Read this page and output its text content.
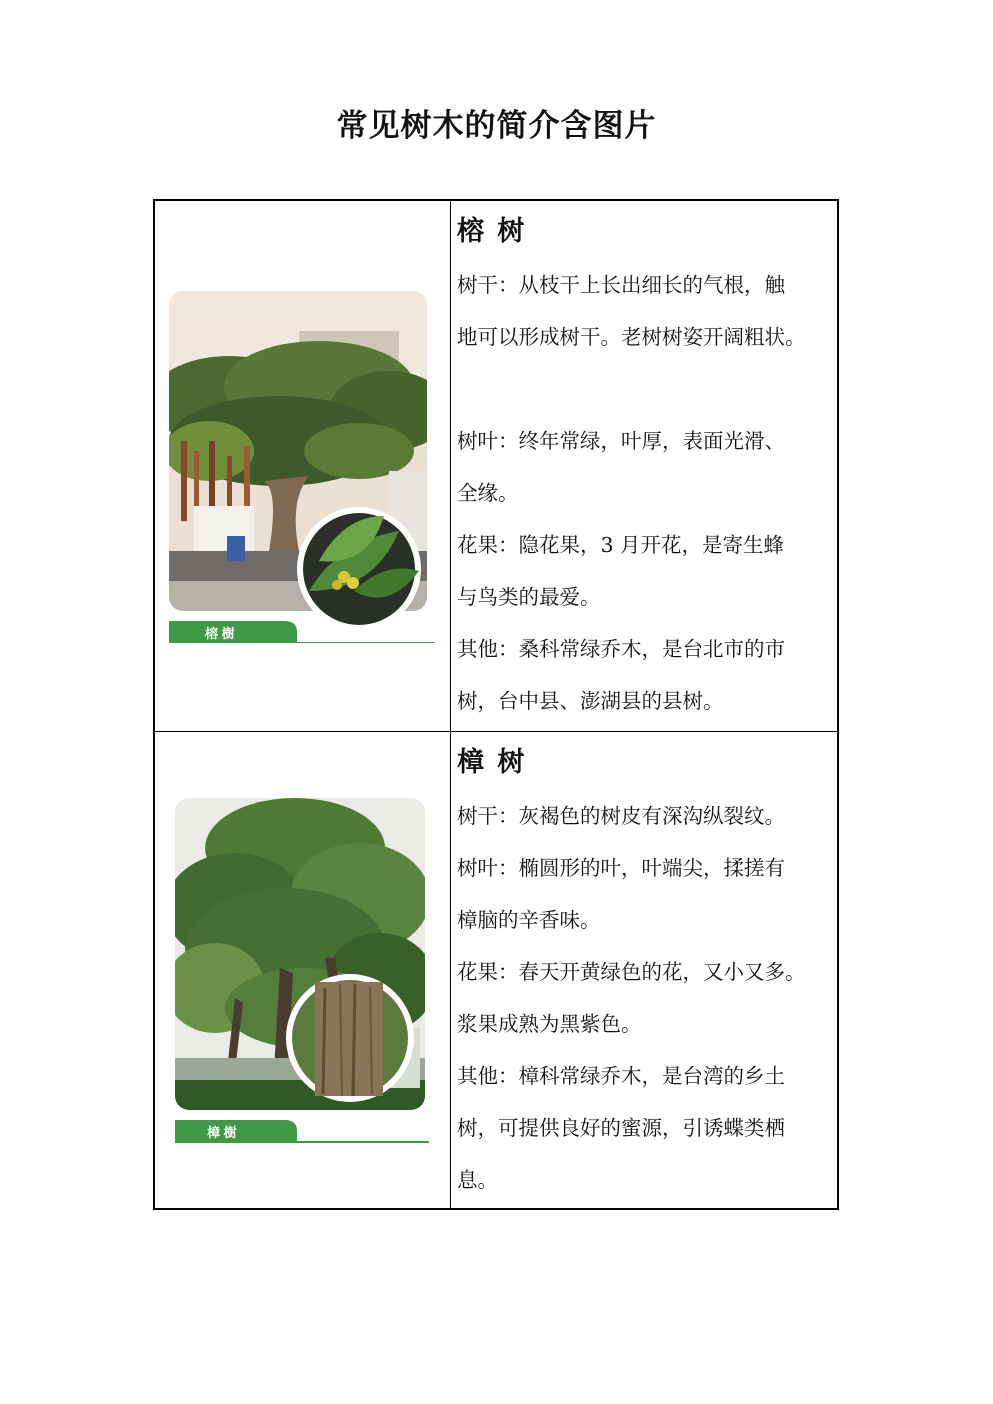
常见树木的简介含图片
榕 樹
榕 树

树干：从枝干上长出细长的气根，触

地可以形成树干。老树树姿开阔粗状。

树叶：终年常绿，叶厚，表面光滑、

全缘。

花果：隐花果，3 月开花，是寄生蜂

与鸟类的最爱。

其他：桑科常绿乔木，是台北市的市

树，台中县、澎湖县的县树。

樟 樹
樟 树

树干：灰褐色的树皮有深沟纵裂纹。

树叶：椭圆形的叶，叶端尖，揉搓有

樟脑的辛香味。

花果：春天开黄绿色的花，又小又多。

浆果成熟为黑紫色。

其他：樟科常绿乔木，是台湾的乡土

树，可提供良好的蜜源，引诱蝶类栖

息。
